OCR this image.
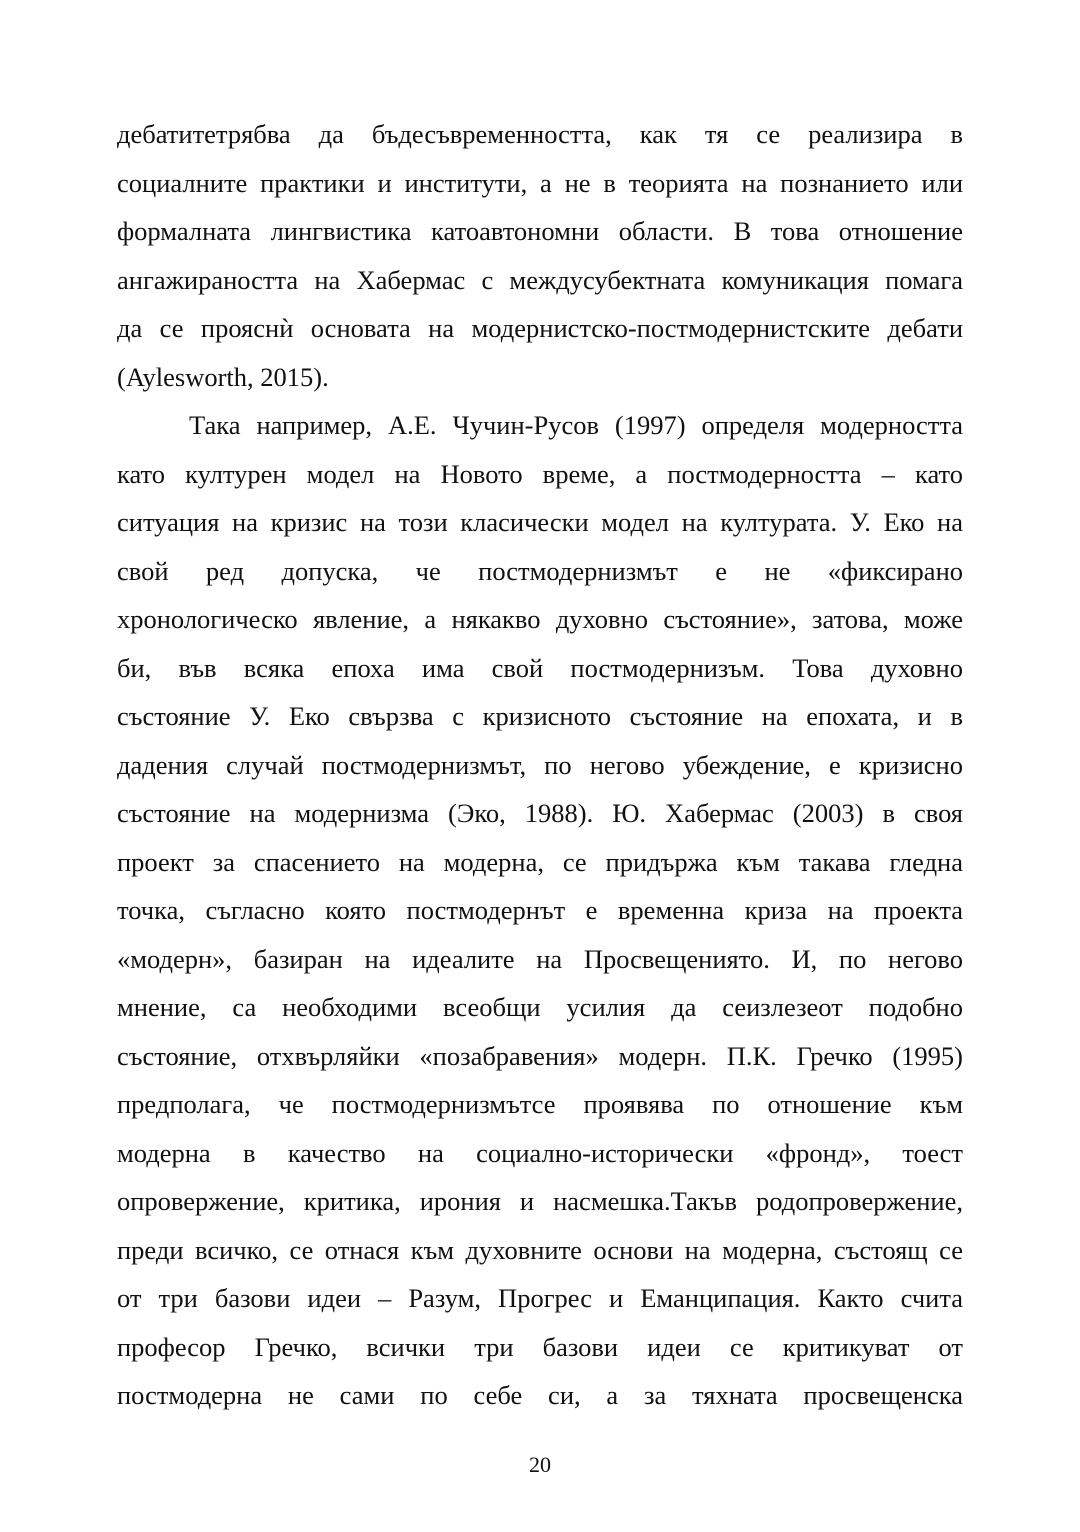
дебатитетрябва да бъдесъвременността, как тя се реализира в
социалните практики и институти, а не в теорията на познанието или
формалната лингвистика катоавтономни области. В това отношение
ангажираността на Хабермас с междусубектната комуникация помага
да се прояснѝ основата на модернистско-постмодернистските дебати
(Aylesworth, 2015).
Така например, А.Е. Чучин-Русов (1997) определя модерността
като културен модел на Новото време, а постмодерността – като
ситуация на кризис на този класически модел на културата. У. Еко на
свой ред допуска, че постмодернизмът е не «фиксирано
хронологическо явление, а някакво духовно състояние», затова, може
би, във всяка епоха има свой постмодернизъм. Това духовно
състояние У. Еко свързва с кризисното състояние на епохата, и в
дадения случай постмодернизмът, по негово убеждение, е кризисно
състояние на модернизма (Эко, 1988). Ю. Хабермас (2003) в своя
проект за спасението на модерна, се придържа към такава гледна
точка, съгласно която постмодернът е временна криза на проекта
«модерн», базиран на идеалите на Просвещениято. И, по негово
мнение, са необходими всеобщи усилия да сеизлезеот подобно
състояние, отхвърляйки «позабравения» модерн. П.К. Гречко (1995)
предполага, че постмодернизмътсе проявява по отношение към
модерна в качество на социално-исторически «фронд», тоест
опровержение, критика, ирония и насмешка.Такъв родопровержение,
преди всичко, се отнася към духовните основи на модерна, състоящ се
от три базови идеи – Разум, Прогрес и Еманципация. Както счита
професор Гречко, всички три базови идеи се критикуват от
постмодерна не сами по себе си, а за тяхната просвещенска
20
